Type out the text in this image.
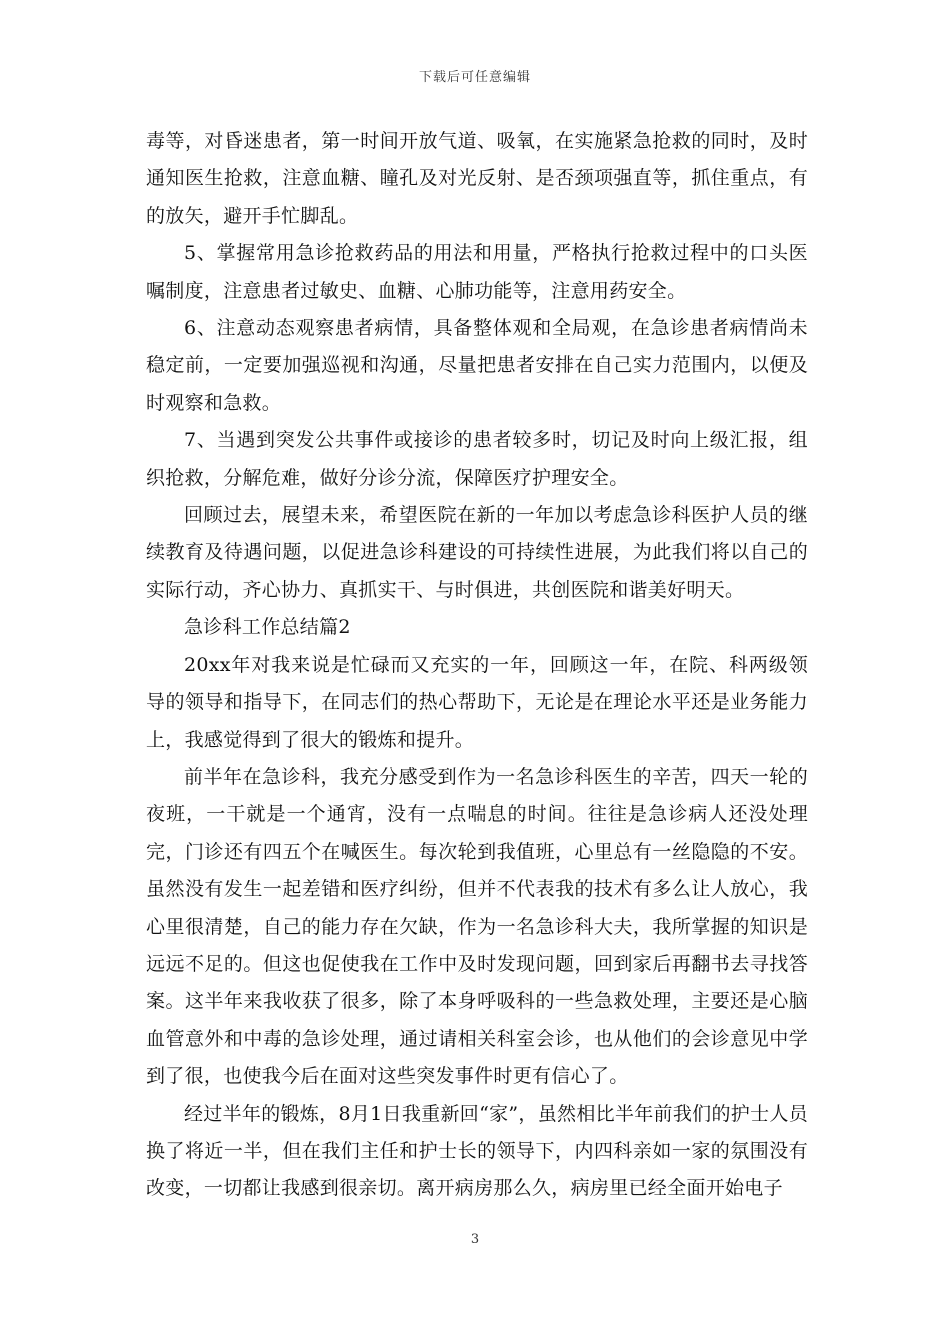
下载后可任意编辑

毒等，对昏迷患者，第一时间开放气道、吸氧，在实施紧急抢救的同时，及时通知医生抢救，注意血糖、瞳孔及对光反射、是否颈项强直等，抓住重点，有的放矢，避开手忙脚乱。

5、掌握常用急诊抢救药品的用法和用量，严格执行抢救过程中的口头医嘱制度，注意患者过敏史、血糖、心肺功能等，注意用药安全。

6、注意动态观察患者病情，具备整体观和全局观，在急诊患者病情尚未稳定前，一定要加强巡视和沟通，尽量把患者安排在自己实力范围内，以便及时观察和急救。

7、当遇到突发公共事件或接诊的患者较多时，切记及时向上级汇报，组织抢救，分解危难，做好分诊分流，保障医疗护理安全。

回顾过去，展望未来，希望医院在新的一年加以考虑急诊科医护人员的继续教育及待遇问题，以促进急诊科建设的可持续性进展，为此我们将以自己的实际行动，齐心协力、真抓实干、与时俱进，共创医院和谐美好明天。

急诊科工作总结篇2

20xx年对我来说是忙碌而又充实的一年，回顾这一年，在院、科两级领导的领导和指导下，在同志们的热心帮助下，无论是在理论水平还是业务能力上，我感觉得到了很大的锻炼和提升。

前半年在急诊科，我充分感受到作为一名急诊科医生的辛苦，四天一轮的夜班，一干就是一个通宵，没有一点喘息的时间。往往是急诊病人还没处理完，门诊还有四五个在喊医生。每次轮到我值班，心里总有一丝隐隐的不安。虽然没有发生一起差错和医疗纠纷，但并不代表我的技术有多么让人放心，我心里很清楚，自己的能力存在欠缺，作为一名急诊科大夫，我所掌握的知识是远远不足的。但这也促使我在工作中及时发现问题，回到家后再翻书去寻找答案。这半年来我收获了很多，除了本身呼吸科的一些急救处理，主要还是心脑血管意外和中毒的急诊处理，通过请相关科室会诊，也从他们的会诊意见中学到了很，也使我今后在面对这些突发事件时更有信心了。

经过半年的锻炼，8月1日我重新回“家”，虽然相比半年前我们的护士人员换了将近一半，但在我们主任和护士长的领导下，内四科亲如一家的氛围没有改变，一切都让我感到很亲切。离开病房那么久，病房里已经全面开始电子

3
